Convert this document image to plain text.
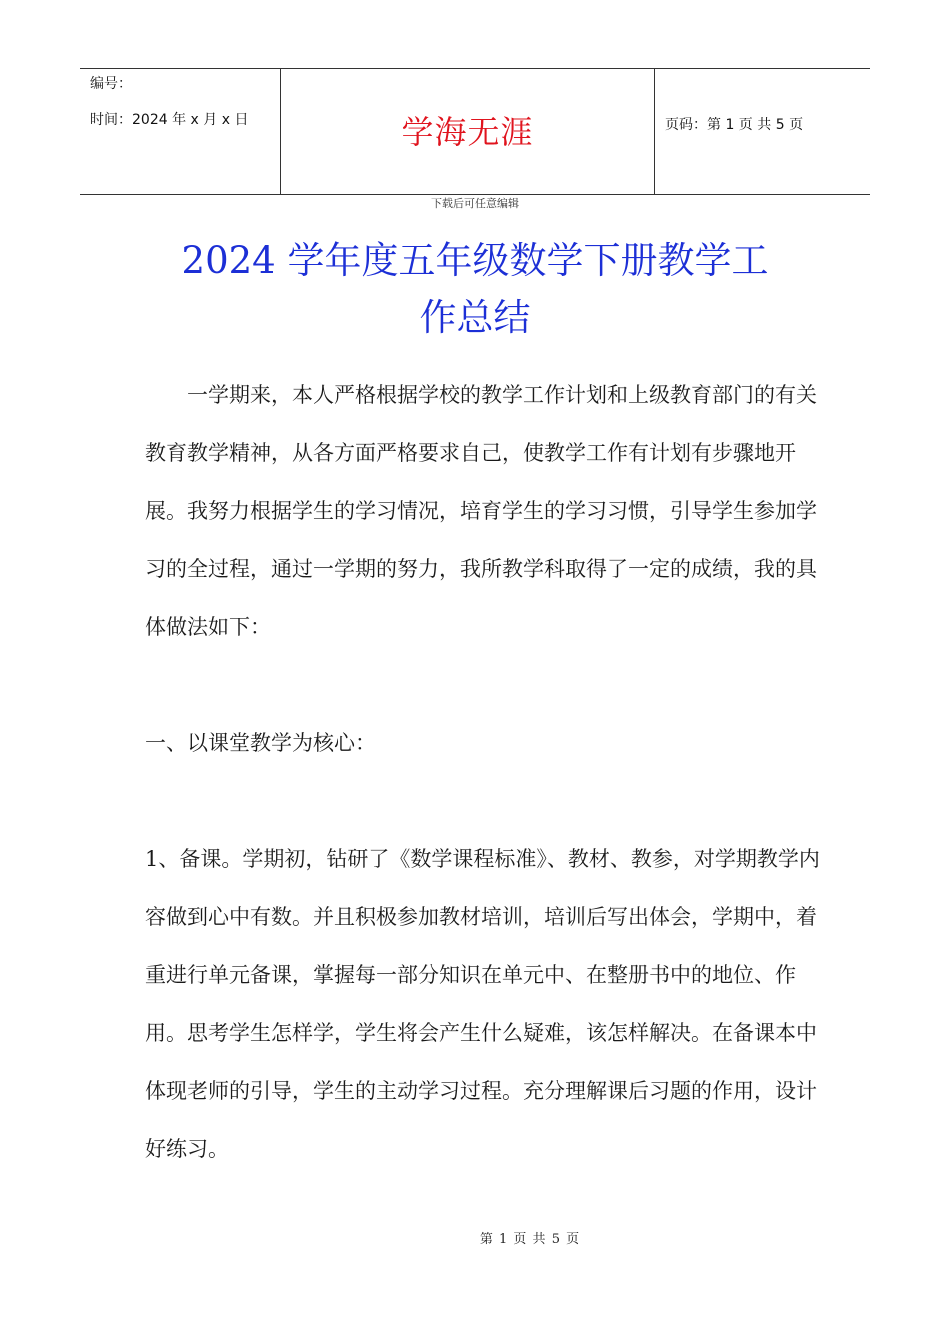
编号：
时间：2024 年 x 月 x 日	学海无涯	页码：第 1 页 共 5 页
下载后可任意编辑
2024 学年度五年级数学下册教学工
作总结

一学期来，本人严格根据学校的教学工作计划和上级教育部门的有关教育教学精神，从各方面严格要求自己，使教学工作有计划有步骤地开展。我努力根据学生的学习情况，培育学生的学习习惯，引导学生参加学习的全过程，通过一学期的努力，我所教学科取得了一定的成绩，我的具体做法如下：

一、以课堂教学为核心：

1、备课。学期初，钻研了《数学课程标准》、教材、教参，对学期教学内容做到心中有数。并且积极参加教材培训，培训后写出体会，学期中，着重进行单元备课，掌握每一部分知识在单元中、在整册书中的地位、作用。思考学生怎样学，学生将会产生什么疑难，该怎样解决。在备课本中体现老师的引导，学生的主动学习过程。充分理解课后习题的作用，设计好练习。

第 1 页 共 5 页
